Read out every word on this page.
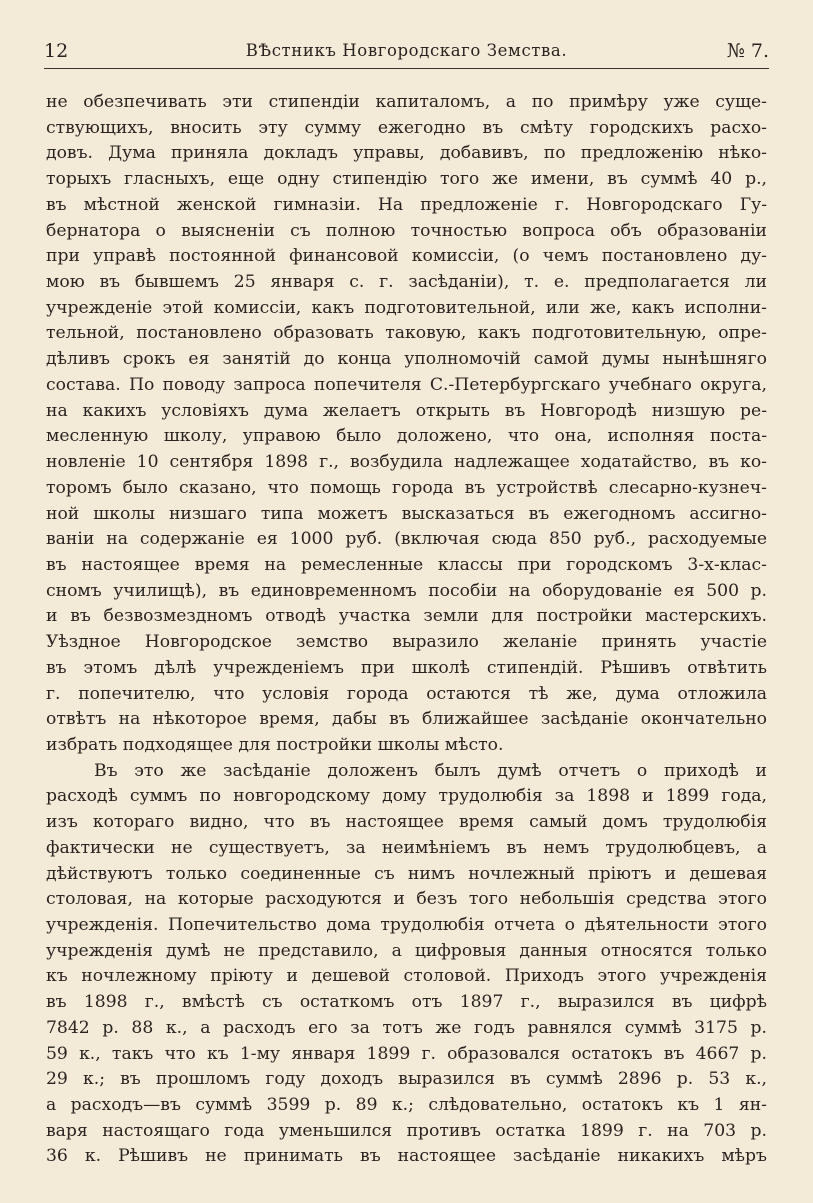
12	ВѢстникъ Новгородскаго Земства.	№ 7.
не обезпечивать эти стипендіи капиталомъ, а по примѣру уже суще-
ствующихъ, вносить эту сумму ежегодно въ смѣту городскихъ расхо-
довъ. Дума приняла докладъ управы, добавивъ, по предложенію нѣко-
торыхъ гласныхъ, еще одну стипендію того же имени, въ суммѣ 40 р.,
въ мѣстной женской гимназіи. На предложеніе г. Новгородскаго Гу-
бернатора о выясненіи съ полною точностью вопроса объ образованіи
при управѣ постоянной финансовой комиссіи, (о чемъ постановлено ду-
мою въ бывшемъ 25 января с. г. засѣданіи), т. е. предполагается ли
учрежденіе этой комиссіи, какъ подготовительной, или же, какъ исполни-
тельной, постановлено образовать таковую, какъ подготовительную, опре-
дѣливъ срокъ ея занятій до конца уполномочій самой думы нынѣшняго
состава. По поводу запроса попечителя С.-Петербургскаго учебнаго округа,
на какихъ условіяхъ дума желаетъ открыть въ Новгородѣ низшую ре-
месленную школу, управою было доложено, что она, исполняя поста-
новленіе 10 сентября 1898 г., возбудила надлежащее ходатайство, въ ко-
торомъ было сказано, что помощь города въ устройствѣ слесарно-кузнеч-
ной школы низшаго типа можетъ высказаться въ ежегодномъ ассигно-
ваніи на содержаніе ея 1000 руб. (включая сюда 850 руб., расходуемые
въ настоящее время на ремесленные классы при городскомъ 3-х-клас-
сномъ училищѣ), въ единовременномъ пособіи на оборудованіе ея 500 р.
и въ безвозмездномъ отводѣ участка земли для постройки мастерскихъ.
Уѣздное Новгородское земство выразило желаніе принять участіе
въ этомъ дѣлѣ учрежденіемъ при школѣ стипендій. Рѣшивъ отвѣтить
г. попечителю, что условія города остаются тѣ же, дума отложила
отвѣтъ на нѣкоторое время, дабы въ ближайшее засѣданіе окончательно
избрать подходящее для постройки школы мѣсто.
Въ это же засѣданіе доложенъ былъ думѣ отчетъ о приходѣ и
расходѣ суммъ по новгородскому дому трудолюбія за 1898 и 1899 года,
изъ котораго видно, что въ настоящее время самый домъ трудолюбія
фактически не существуетъ, за неимѣніемъ въ немъ трудолюбцевъ, а
дѣйствуютъ только соединенные съ нимъ ночлежный пріютъ и дешевая
столовая, на которые расходуются и безъ того небольшія средства этого
учрежденія. Попечительство дома трудолюбія отчета о дѣятельности этого
учрежденія думѣ не представило, а цифровыя данныя относятся только
къ ночлежному пріюту и дешевой столовой. Приходъ этого учрежденія
въ 1898 г., вмѣстѣ съ остаткомъ отъ 1897 г., выразился въ цифрѣ
7842 р. 88 к., а расходъ его за тотъ же годъ равнялся суммѣ 3175 р.
59 к., такъ что къ 1-му января 1899 г. образовался остатокъ въ 4667 р.
29 к.; въ прошломъ году доходъ выразился въ суммѣ 2896 р. 53 к.,
а расходъ—въ суммѣ 3599 р. 89 к.; слѣдовательно, остатокъ къ 1 ян-
варя настоящаго года уменьшился противъ остатка 1899 г. на 703 р.
36 к. Рѣшивъ не принимать въ настоящее засѣданіе никакихъ мѣръ
